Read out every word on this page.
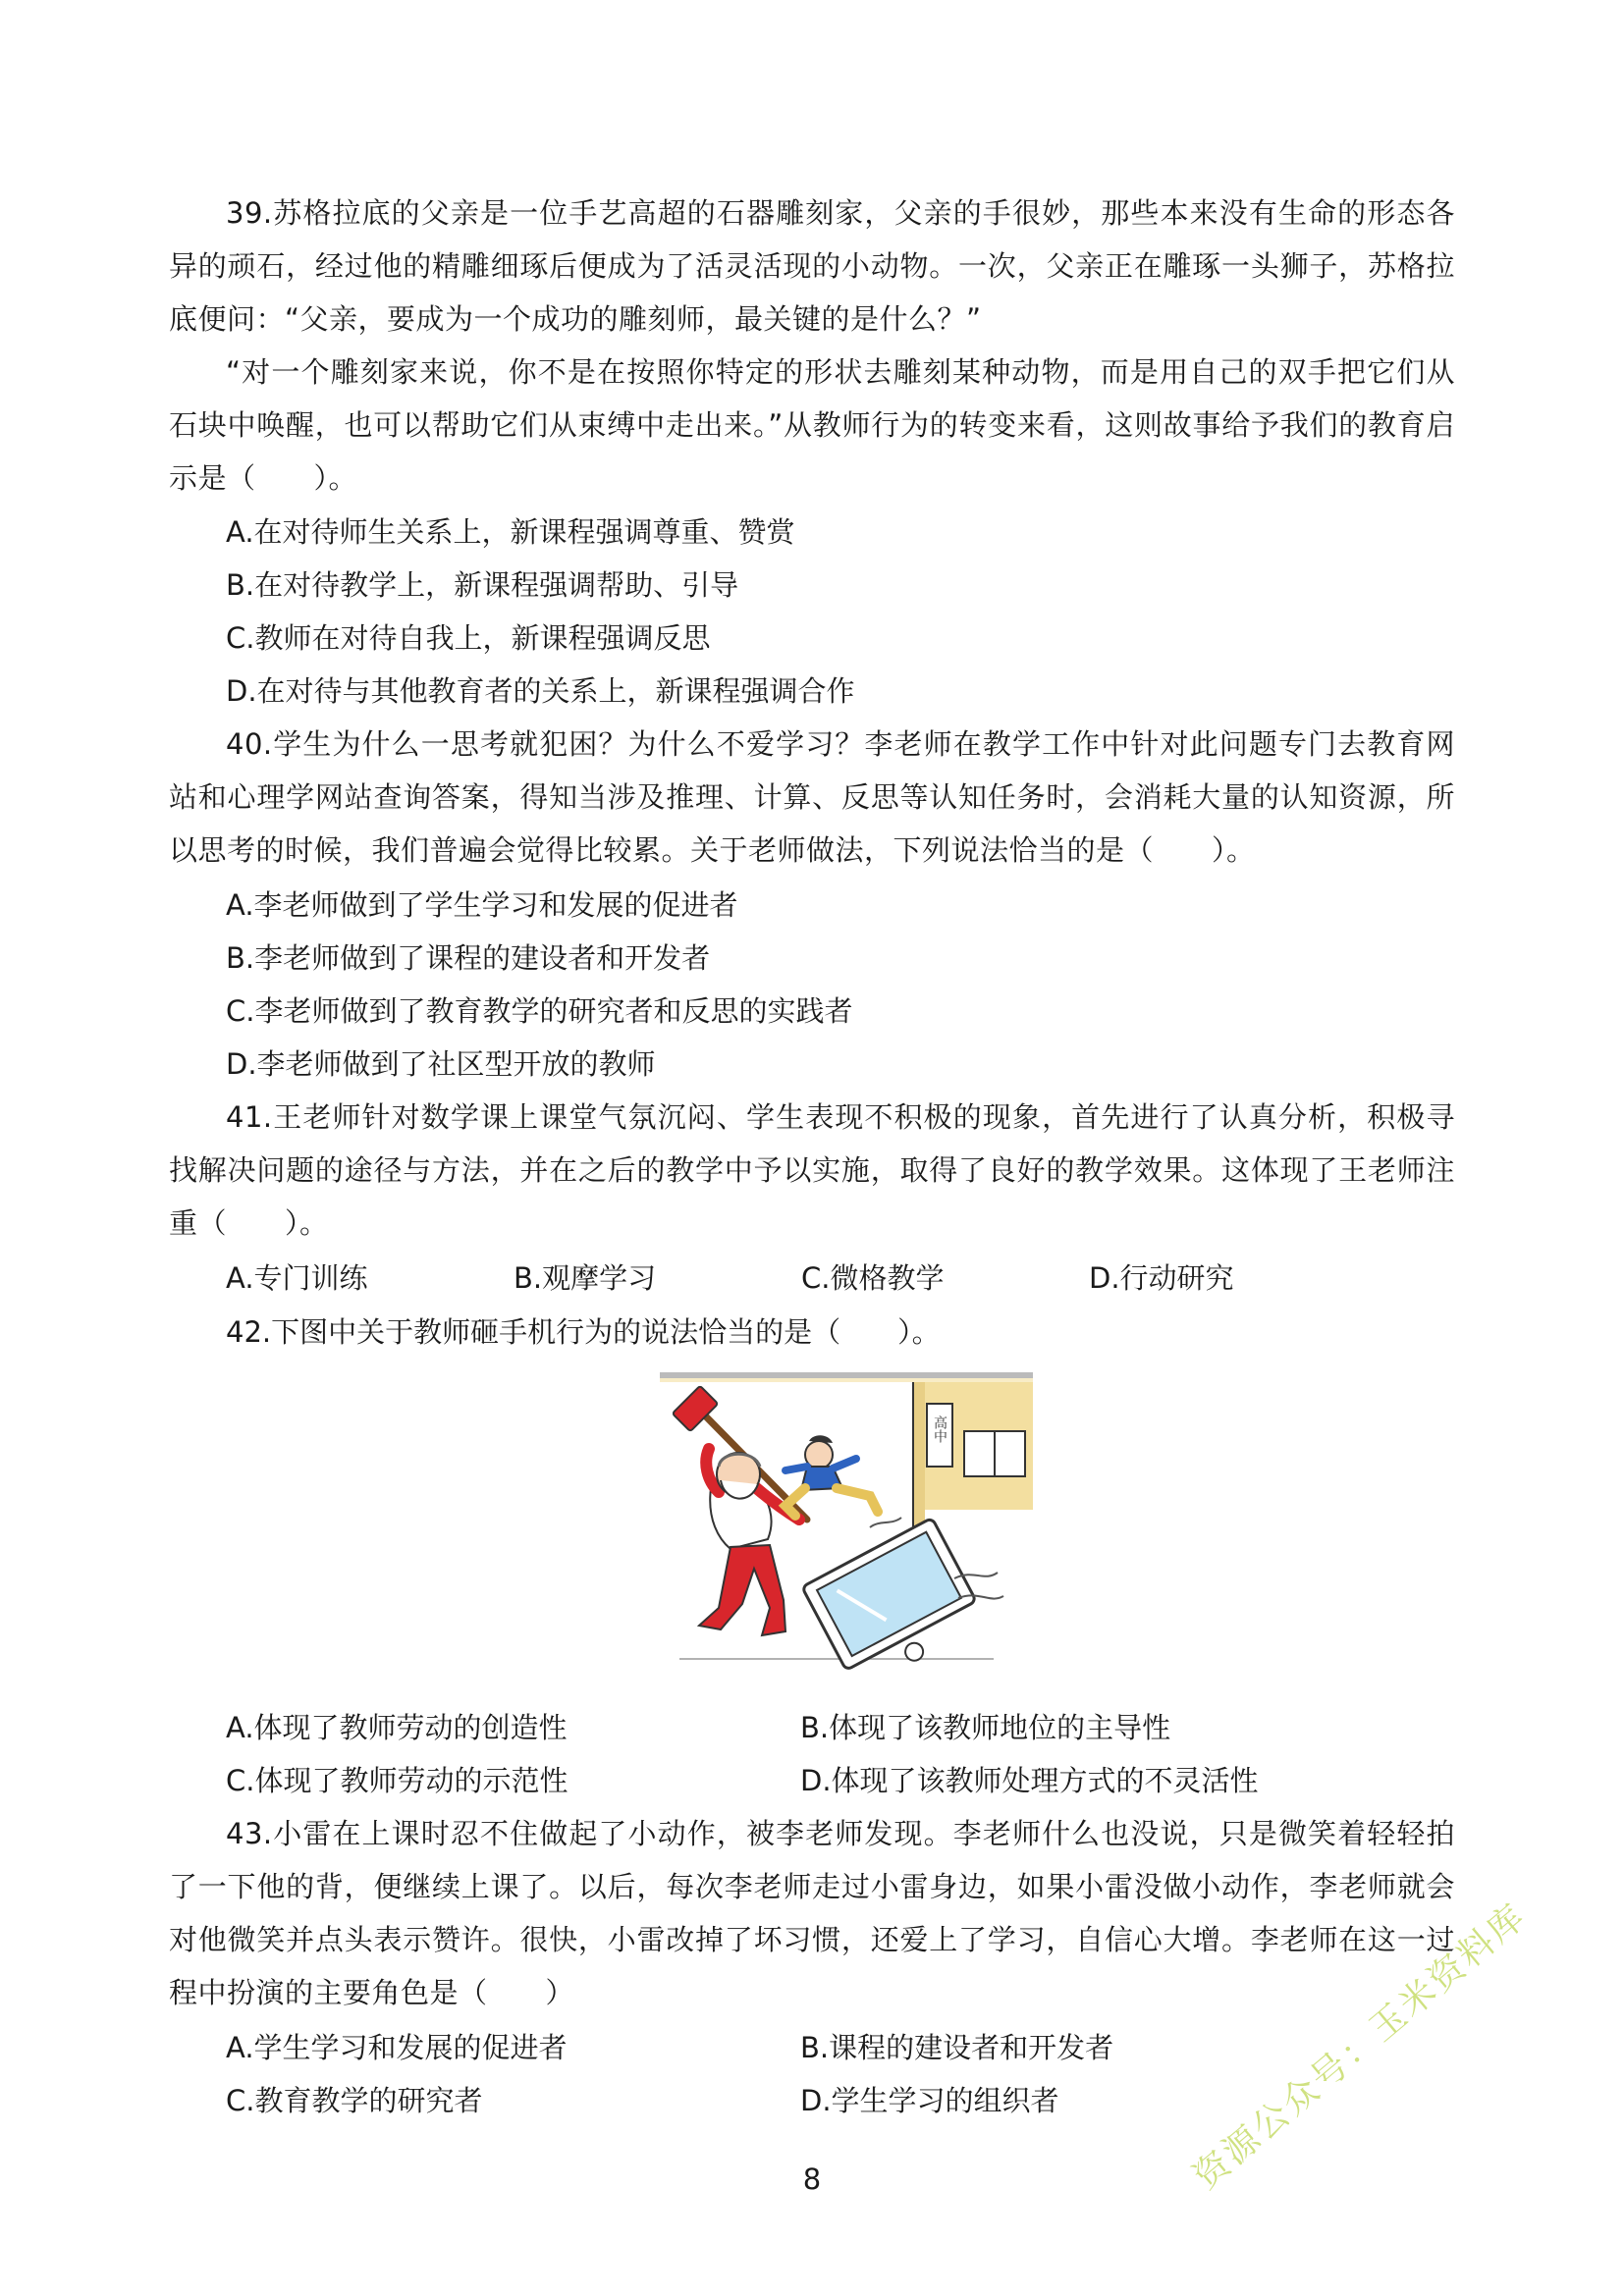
39.苏格拉底的父亲是一位手艺高超的石器雕刻家，父亲的手很妙，那些本来没有生命的形态各异的顽石，经过他的精雕细琢后便成为了活灵活现的小动物。一次，父亲正在雕琢一头狮子，苏格拉底便问：“父亲，要成为一个成功的雕刻师，最关键的是什么？”

“对一个雕刻家来说，你不是在按照你特定的形状去雕刻某种动物，而是用自己的双手把它们从石块中唤醒，也可以帮助它们从束缚中走出来。”从教师行为的转变来看，这则故事给予我们的教育启示是（　　）。

A.在对待师生关系上，新课程强调尊重、赞赏
B.在对待教学上，新课程强调帮助、引导
C.教师在对待自我上，新课程强调反思
D.在对待与其他教育者的关系上，新课程强调合作

40.学生为什么一思考就犯困？为什么不爱学习？李老师在教学工作中针对此问题专门去教育网站和心理学网站查询答案，得知当涉及推理、计算、反思等认知任务时，会消耗大量的认知资源，所以思考的时候，我们普遍会觉得比较累。关于老师做法，下列说法恰当的是（　　）。

A.李老师做到了学生学习和发展的促进者
B.李老师做到了课程的建设者和开发者
C.李老师做到了教育教学的研究者和反思的实践者
D.李老师做到了社区型开放的教师

41.王老师针对数学课上课堂气氛沉闷、学生表现不积极的现象，首先进行了认真分析，积极寻找解决问题的途径与方法，并在之后的教学中予以实施，取得了良好的教学效果。这体现了王老师注重（　　）。

A.专门训练	B.观摩学习	C.微格教学	D.行动研究
42.下图中关于教师砸手机行为的说法恰当的是（　　）。
高中
A.体现了教师劳动的创造性	B.体现了该教师地位的主导性
C.体现了教师劳动的示范性	D.体现了该教师处理方式的不灵活性

43.小雷在上课时忍不住做起了小动作，被李老师发现。李老师什么也没说，只是微笑着轻轻拍了一下他的背，便继续上课了。以后，每次李老师走过小雷身边，如果小雷没做小动作，李老师就会对他微笑并点头表示赞许。很快，小雷改掉了坏习惯，还爱上了学习，自信心大增。李老师在这一过程中扮演的主要角色是（　　）

A.学生学习和发展的促进者	B.课程的建设者和开发者
C.教育教学的研究者	D.学生学习的组织者	资源公众号：玉米资料库
8
